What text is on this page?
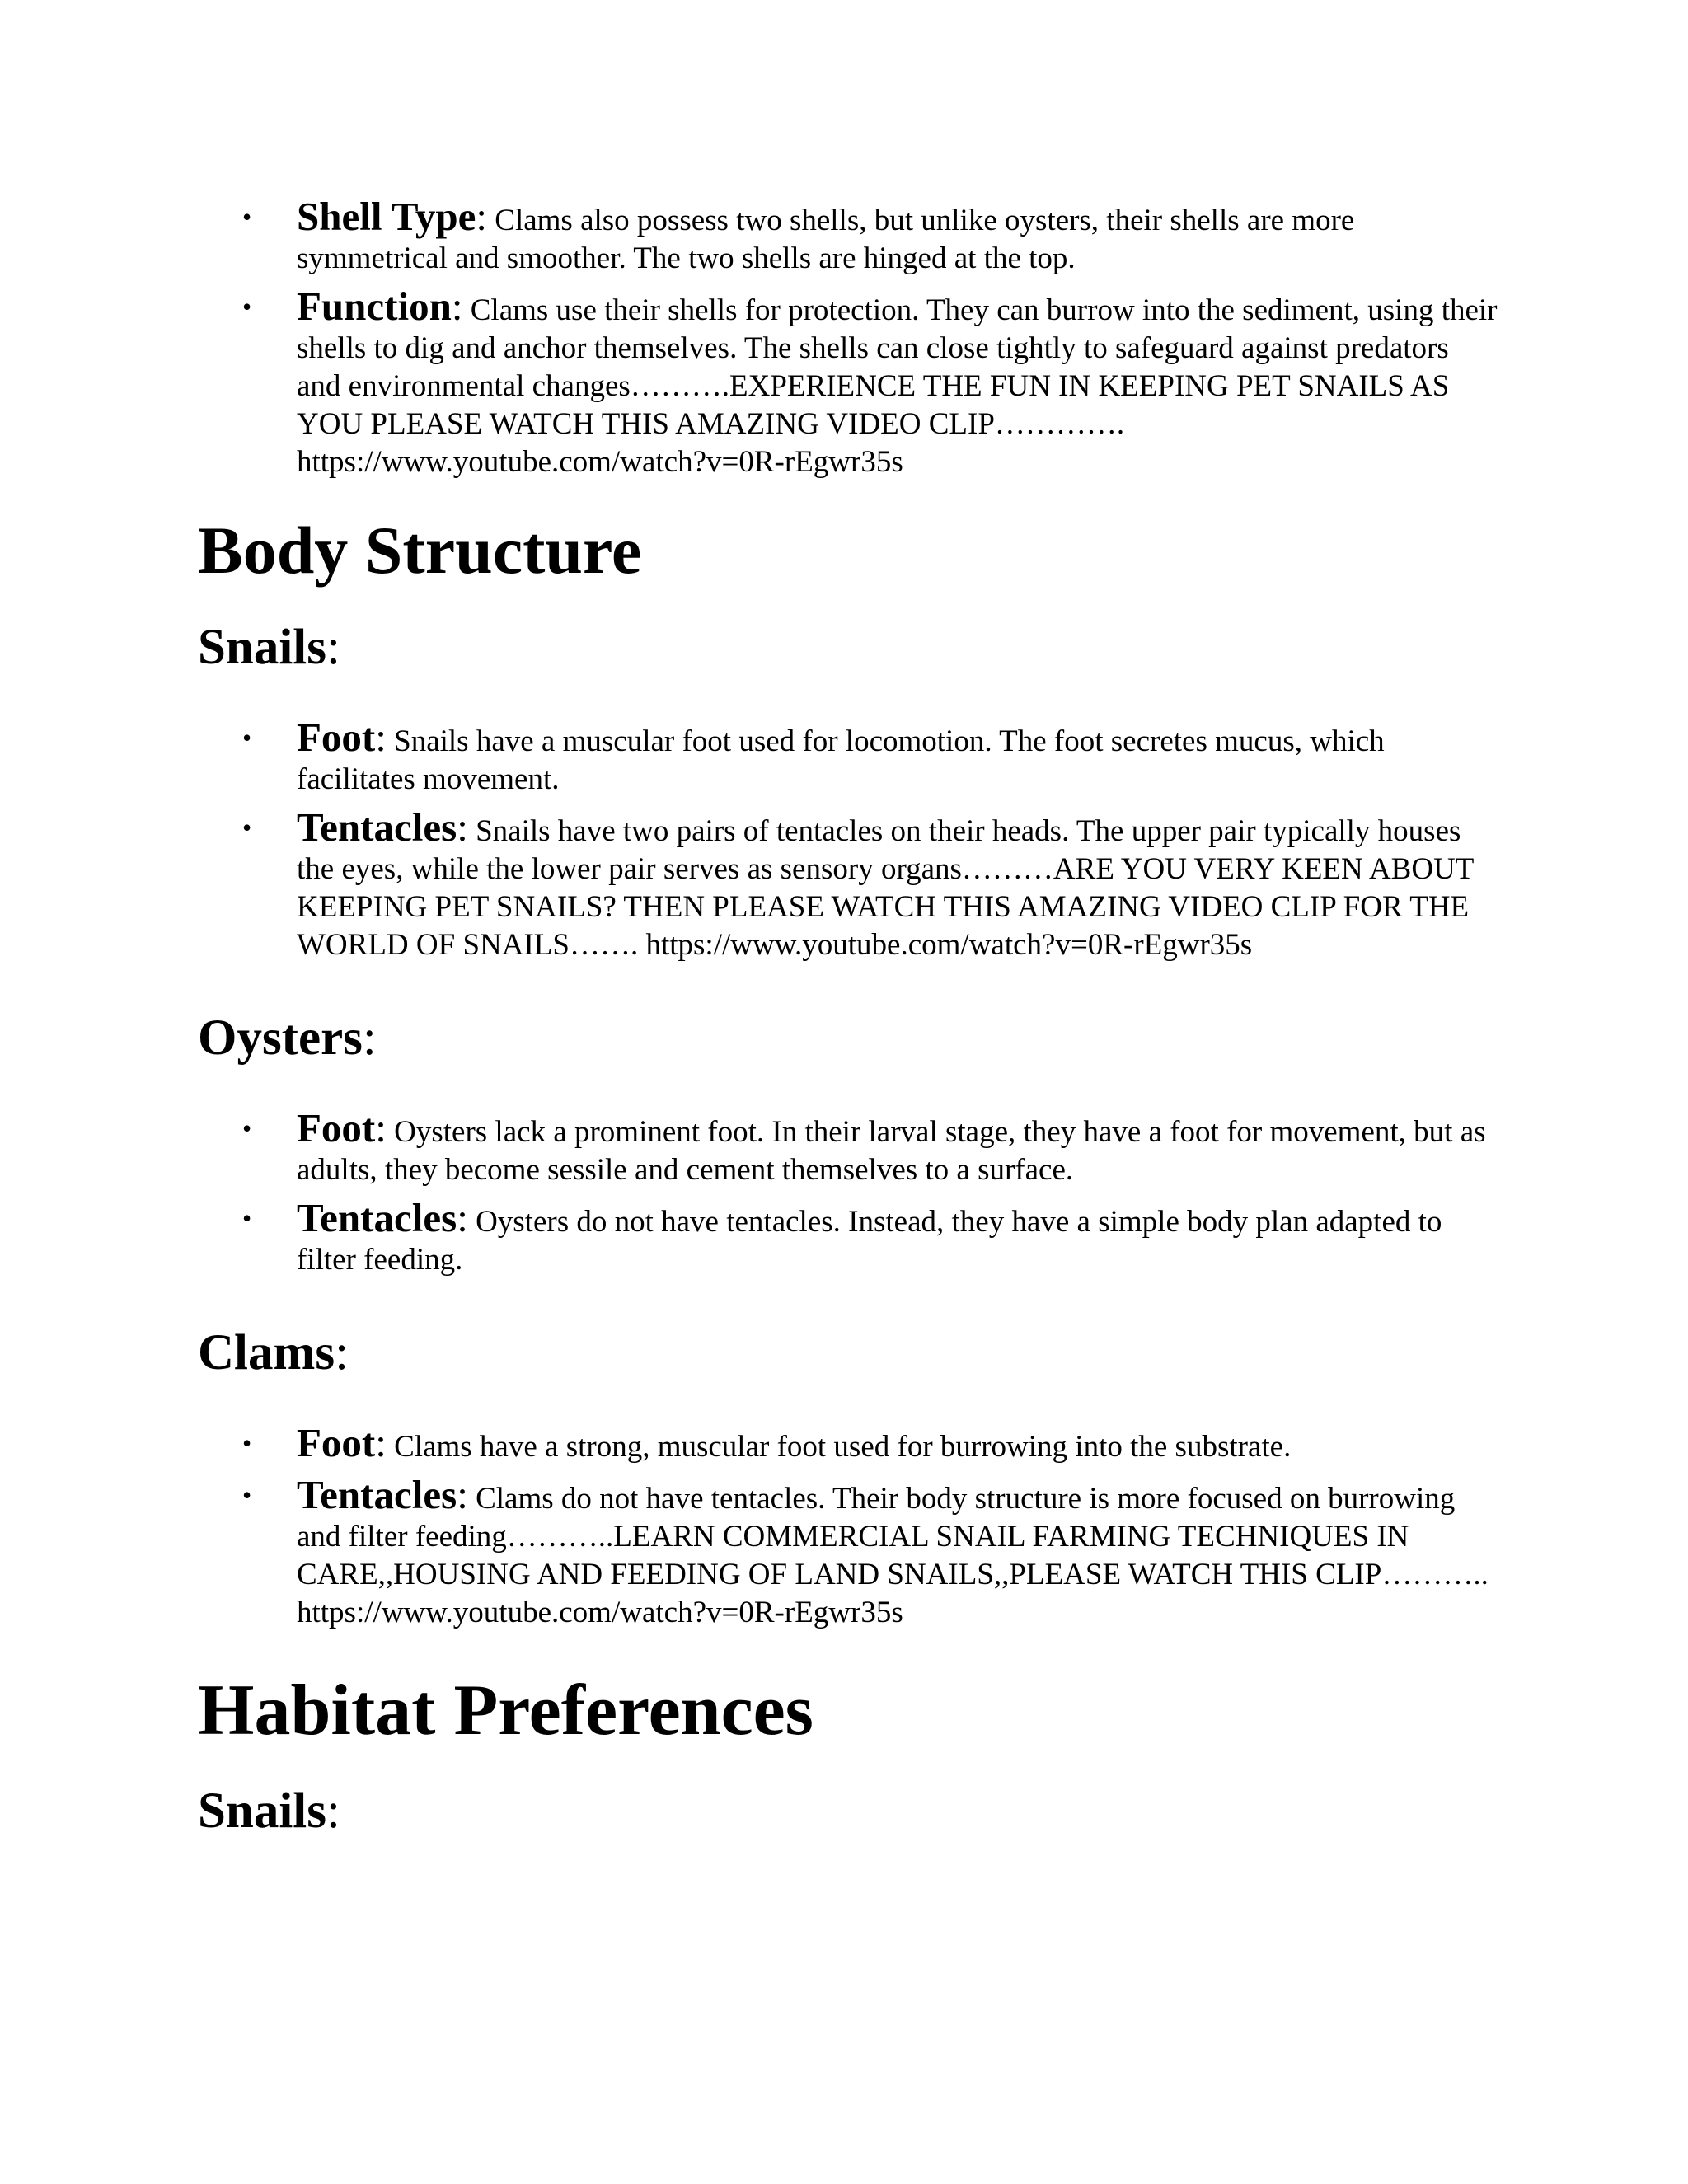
• Shell Type: Clams also possess two shells, but unlike oysters, their shells are more symmetrical and smoother. The two shells are hinged at the top.
• Function: Clams use their shells for protection. They can burrow into the sediment, using their shells to dig and anchor themselves. The shells can close tightly to safeguard against predators and environmental changes……….EXPERIENCE THE FUN IN KEEPING PET SNAILS AS YOU PLEASE WATCH THIS AMAZING VIDEO CLIP…………. https://www.youtube.com/watch?v=0R-rEgwr35s
Body Structure
Snails:
• Foot: Snails have a muscular foot used for locomotion. The foot secretes mucus, which facilitates movement.
• Tentacles: Snails have two pairs of tentacles on their heads. The upper pair typically houses the eyes, while the lower pair serves as sensory organs………ARE YOU VERY KEEN ABOUT KEEPING PET SNAILS? THEN PLEASE WATCH THIS AMAZING VIDEO CLIP FOR THE WORLD OF SNAILS……. https://www.youtube.com/watch?v=0R-rEgwr35s
Oysters:
• Foot: Oysters lack a prominent foot. In their larval stage, they have a foot for movement, but as adults, they become sessile and cement themselves to a surface.
• Tentacles: Oysters do not have tentacles. Instead, they have a simple body plan adapted to filter feeding.
Clams:
• Foot: Clams have a strong, muscular foot used for burrowing into the substrate.
• Tentacles: Clams do not have tentacles. Their body structure is more focused on burrowing and filter feeding………..LEARN COMMERCIAL SNAIL FARMING TECHNIQUES IN CARE,,HOUSING AND FEEDING OF LAND SNAILS,,PLEASE WATCH THIS CLIP……….. https://www.youtube.com/watch?v=0R-rEgwr35s
Habitat Preferences
Snails:
